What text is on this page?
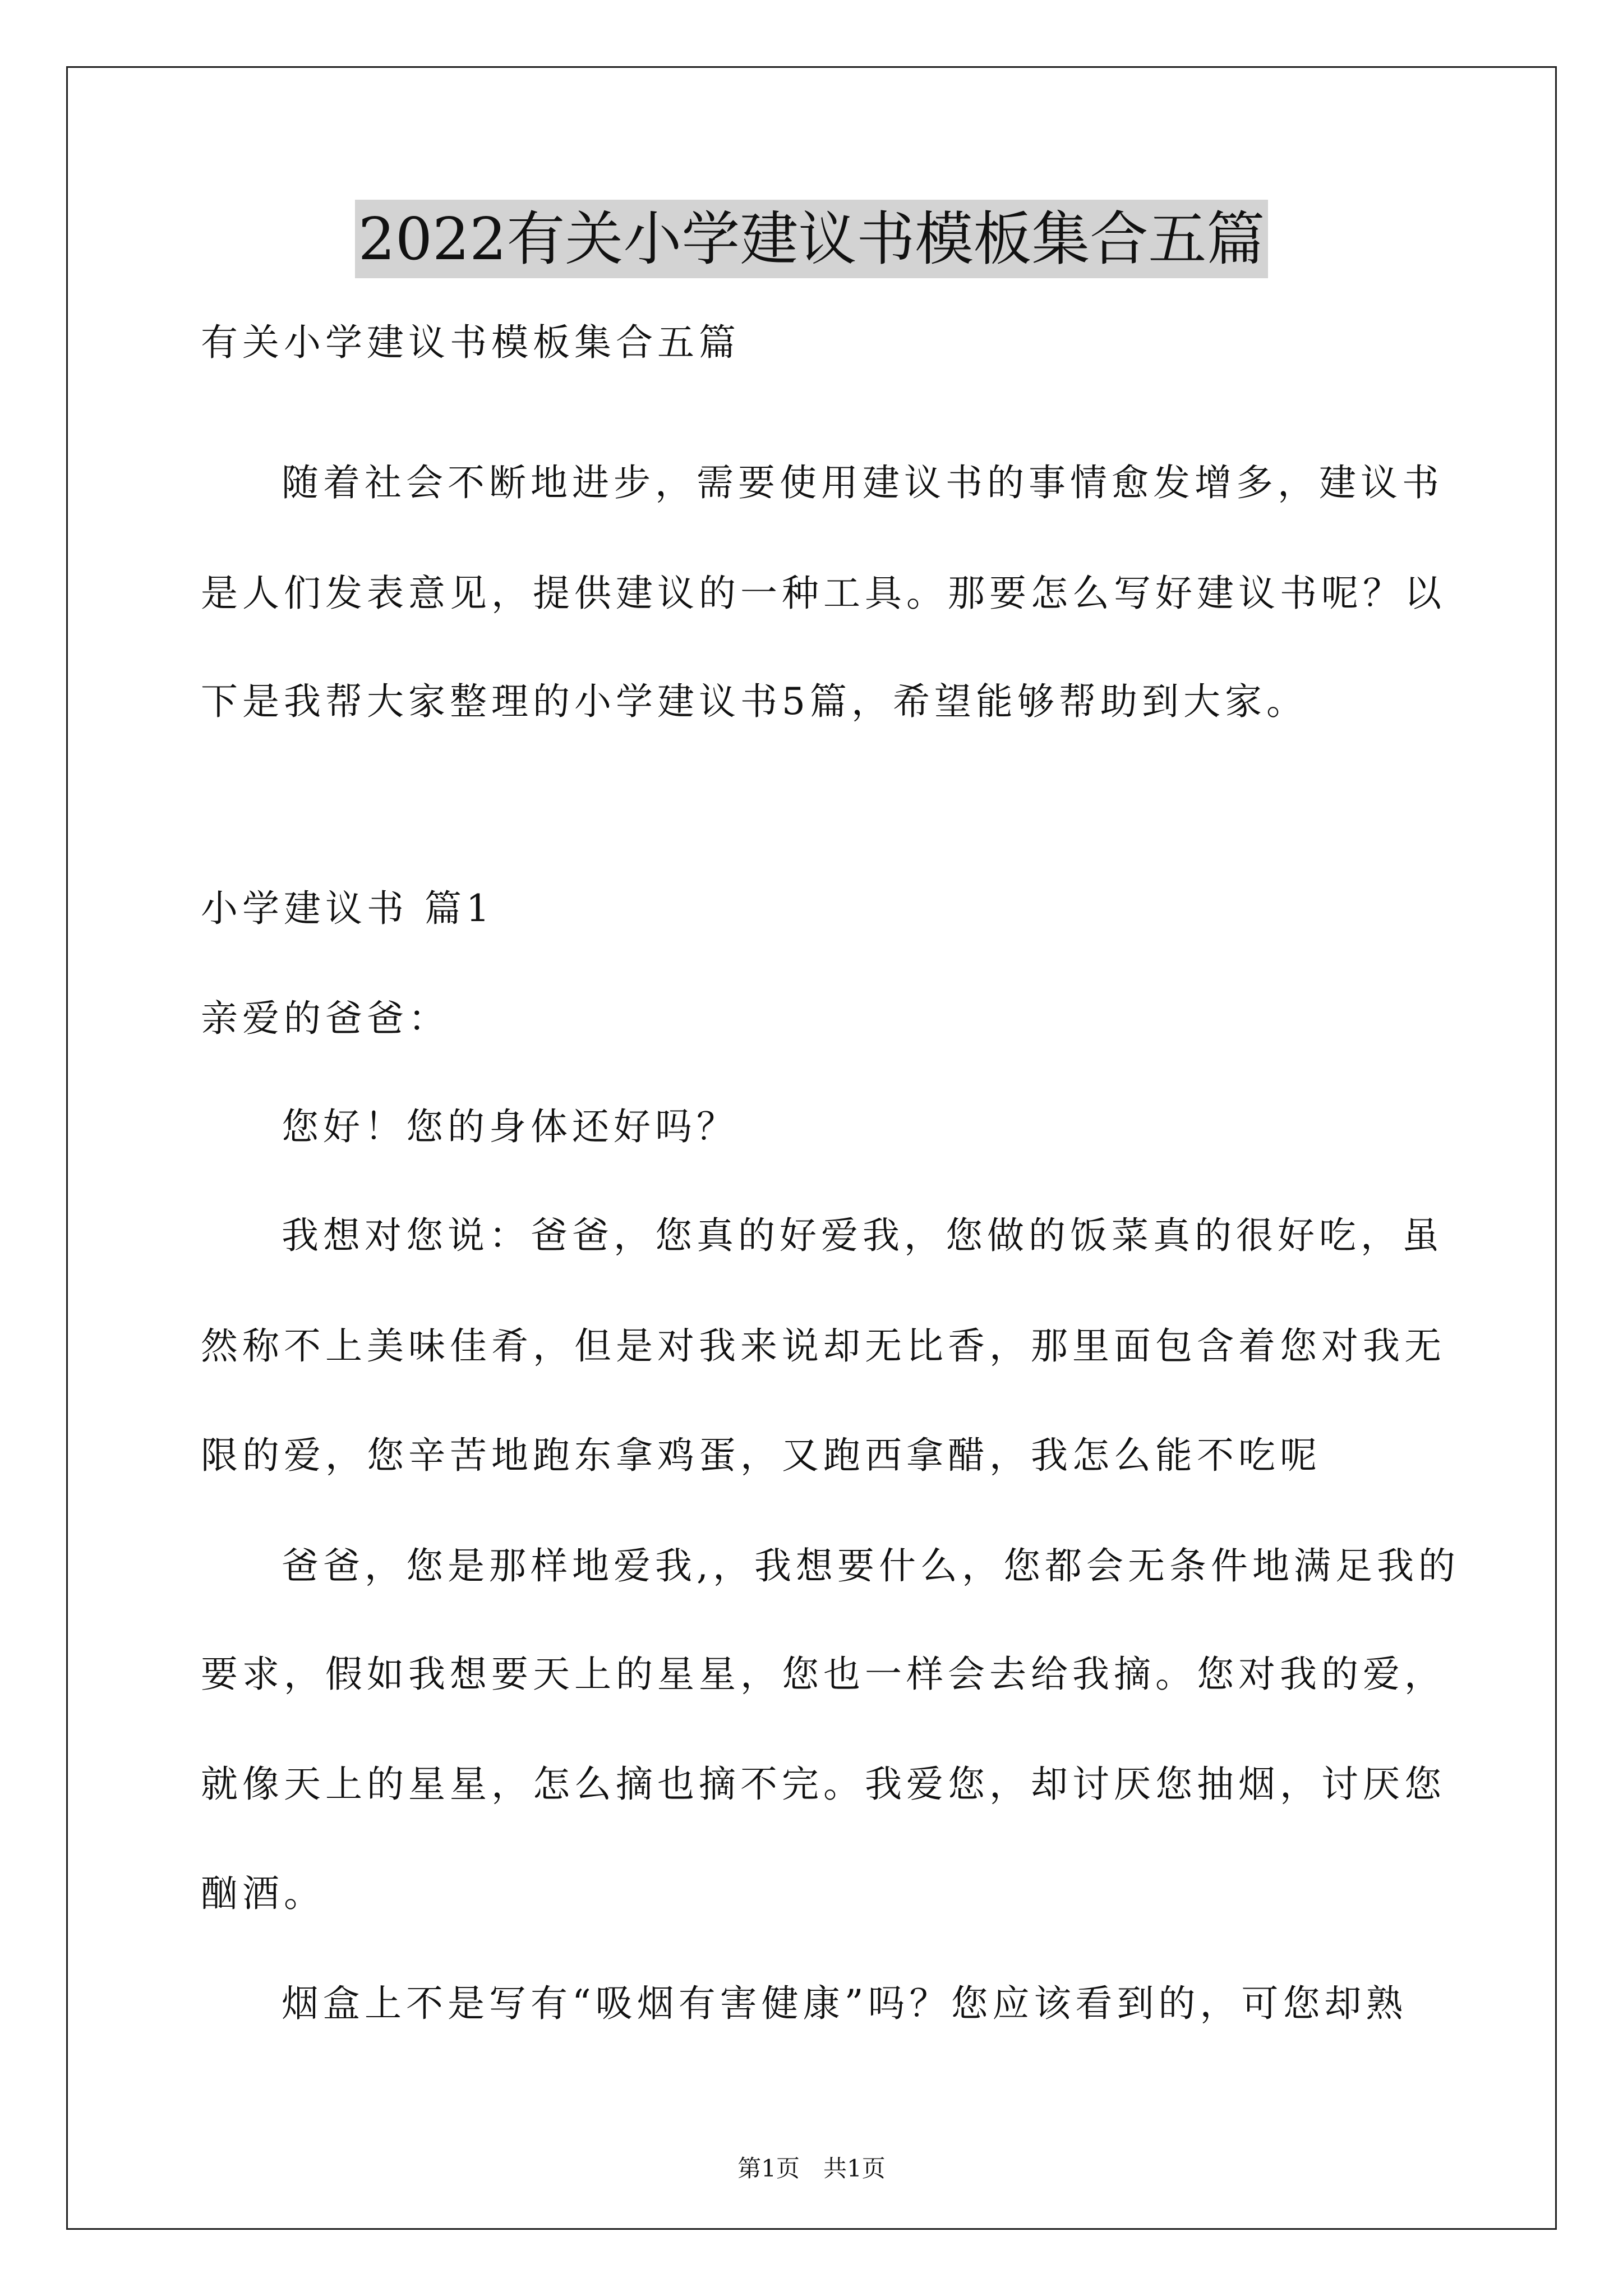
2022有关小学建议书模板集合五篇
有关小学建议书模板集合五篇
随着社会不断地进步，需要使用建议书的事情愈发增多，建议书
是人们发表意见，提供建议的一种工具。那要怎么写好建议书呢？以
下是我帮大家整理的小学建议书5篇，希望能够帮助到大家。
小学建议书 篇1
亲爱的爸爸：
您好！您的身体还好吗？
我想对您说：爸爸，您真的好爱我，您做的饭菜真的很好吃，虽
然称不上美味佳肴，但是对我来说却无比香，那里面包含着您对我无
限的爱，您辛苦地跑东拿鸡蛋，又跑西拿醋，我怎么能不吃呢
爸爸，您是那样地爱我,，我想要什么，您都会无条件地满足我的
要求，假如我想要天上的星星，您也一样会去给我摘。您对我的爱，
就像天上的星星，怎么摘也摘不完。我爱您，却讨厌您抽烟，讨厌您
酗酒。
烟盒上不是写有“吸烟有害健康”吗？您应该看到的，可您却熟
第1页　共1页
